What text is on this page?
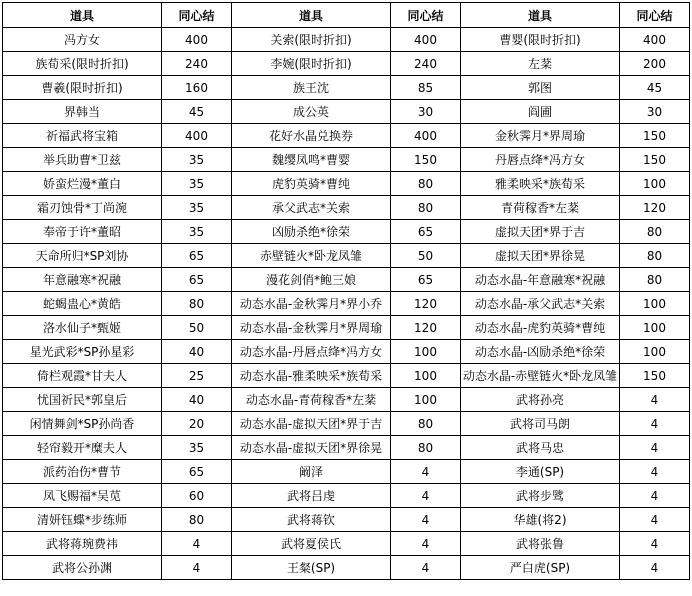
道具	同心结	道具	同心结	道具	同心结
冯方女	400	关索(限时折扣)	400	曹婴(限时折扣)	400
族荀采(限时折扣)	240	李婉(限时折扣)	240	左棻	200
曹羲(限时折扣)	160	族王沈	85	郭图	45
界韩当	45	成公英	30	阎圃	30
祈福武将宝箱	400	花好水晶兑换券	400	金秋霁月*界周瑜	150
举兵助曹*卫兹	35	魏缨凤鸣*曹婴	150	丹唇点绛*冯方女	150
娇蛮烂漫*董白	35	虎豹英骑*曹纯	80	雅柔映采*族荀采	100
霜刃蚀骨*丁尚涴	35	承父武志*关索	80	青荷稼香*左棻	120
奉帝于许*董昭	35	凶励杀绝*徐荣	65	虚拟天团*界于吉	80
天命所归*SP刘协	65	赤壁链火*卧龙凤雏	50	虚拟天团*界徐晃	80
年意融寒*祝融	65	漫花剑俏*鲍三娘	65	动态水晶-年意融寒*祝融	80
蛇蝎蛊心*黄皓	80	动态水晶-金秋霁月*界小乔	120	动态水晶-承父武志*关索	100
洛水仙子*甄姬	50	动态水晶-金秋霁月*界周瑜	120	动态水晶-虎豹英骑*曹纯	100
星光武彩*SP孙星彩	40	动态水晶-丹唇点绛*冯方女	100	动态水晶-凶励杀绝*徐荣	100
倚栏观霞*甘夫人	25	动态水晶-雅柔映采*族荀采	100	动态水晶-赤壁链火*卧龙凤雏	150
忧国祈民*郭皇后	40	动态水晶-青荷稼香*左棻	100	武将孙亮	4
闲情舞剑*SP孙尚香	20	动态水晶-虚拟天团*界于吉	80	武将司马朗	4
轻帘毅开*糜夫人	35	动态水晶-虚拟天团*界徐晃	80	武将马忠	4
派药治伤*曹节	65	阚泽	4	李通(SP)	4
凤飞赐福*吴苋	60	武将吕虔	4	武将步骘	4
清妍钰蝶*步练师	80	武将蒋钦	4	华雄(将2)	4
武将蒋琬费祎	4	武将夏侯氏	4	武将张鲁	4
武将公孙渊	4	王粲(SP)	4	严白虎(SP)	4
